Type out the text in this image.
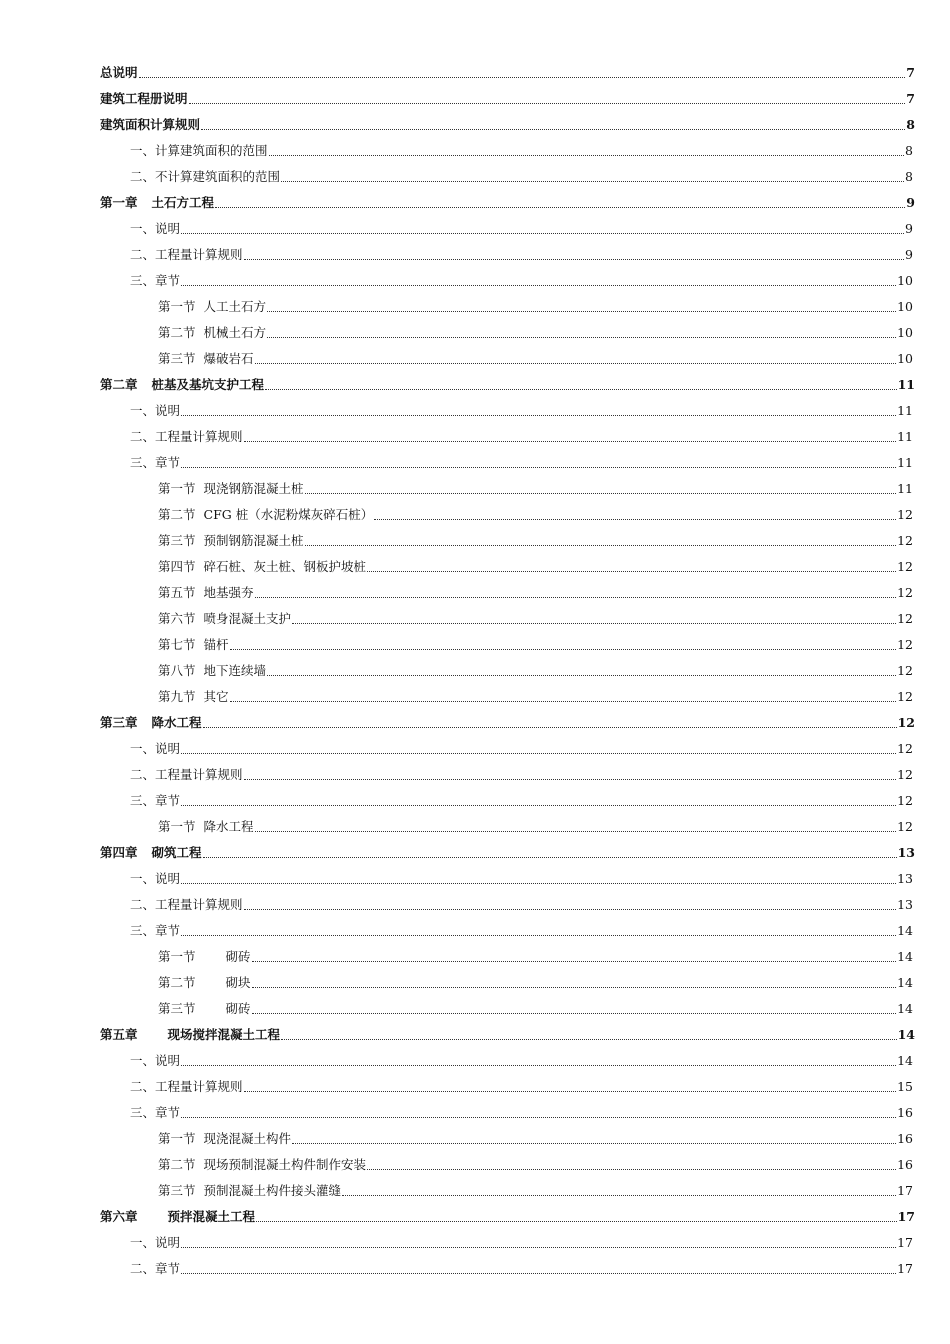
总说明	7
建筑工程册说明	7
建筑面积计算规则	8
一、计算建筑面积的范围	8
二、不计算建筑面积的范围	8
第一章 土石方工程	9
一、说明	9
二、工程量计算规则	9
三、章节	10
第一节 人工土石方	10
第二节 机械土石方	10
第三节 爆破岩石	10
第二章 桩基及基坑支护工程	11
一、说明	11
二、工程量计算规则	11
三、章节	11
第一节 现浇钢筋混凝土桩	11
第二节 CFG 桩（水泥粉煤灰碎石桩）	12
第三节 预制钢筋混凝土桩	12
第四节 碎石桩、灰土桩、钢板护坡桩	12
第五节 地基强夯	12
第六节 喷身混凝土支护	12
第七节 锚杆	12
第八节 地下连续墙	12
第九节 其它	12
第三章 降水工程	12
一、说明	12
二、工程量计算规则	12
三、章节	12
第一节 降水工程	12
第四章 砌筑工程	13
一、说明	13
二、工程量计算规则	13
三、章节	14
第一节 砌砖	14
第二节 砌块	14
第三节 砌砖	14
第五章 现场搅拌混凝土工程	14
一、说明	14
二、工程量计算规则	15
三、章节	16
第一节 现浇混凝土构件	16
第二节 现场预制混凝土构件制作安装	16
第三节 预制混凝土构件接头灌缝	17
第六章 预拌混凝土工程	17
一、说明	17
二、章节	17
